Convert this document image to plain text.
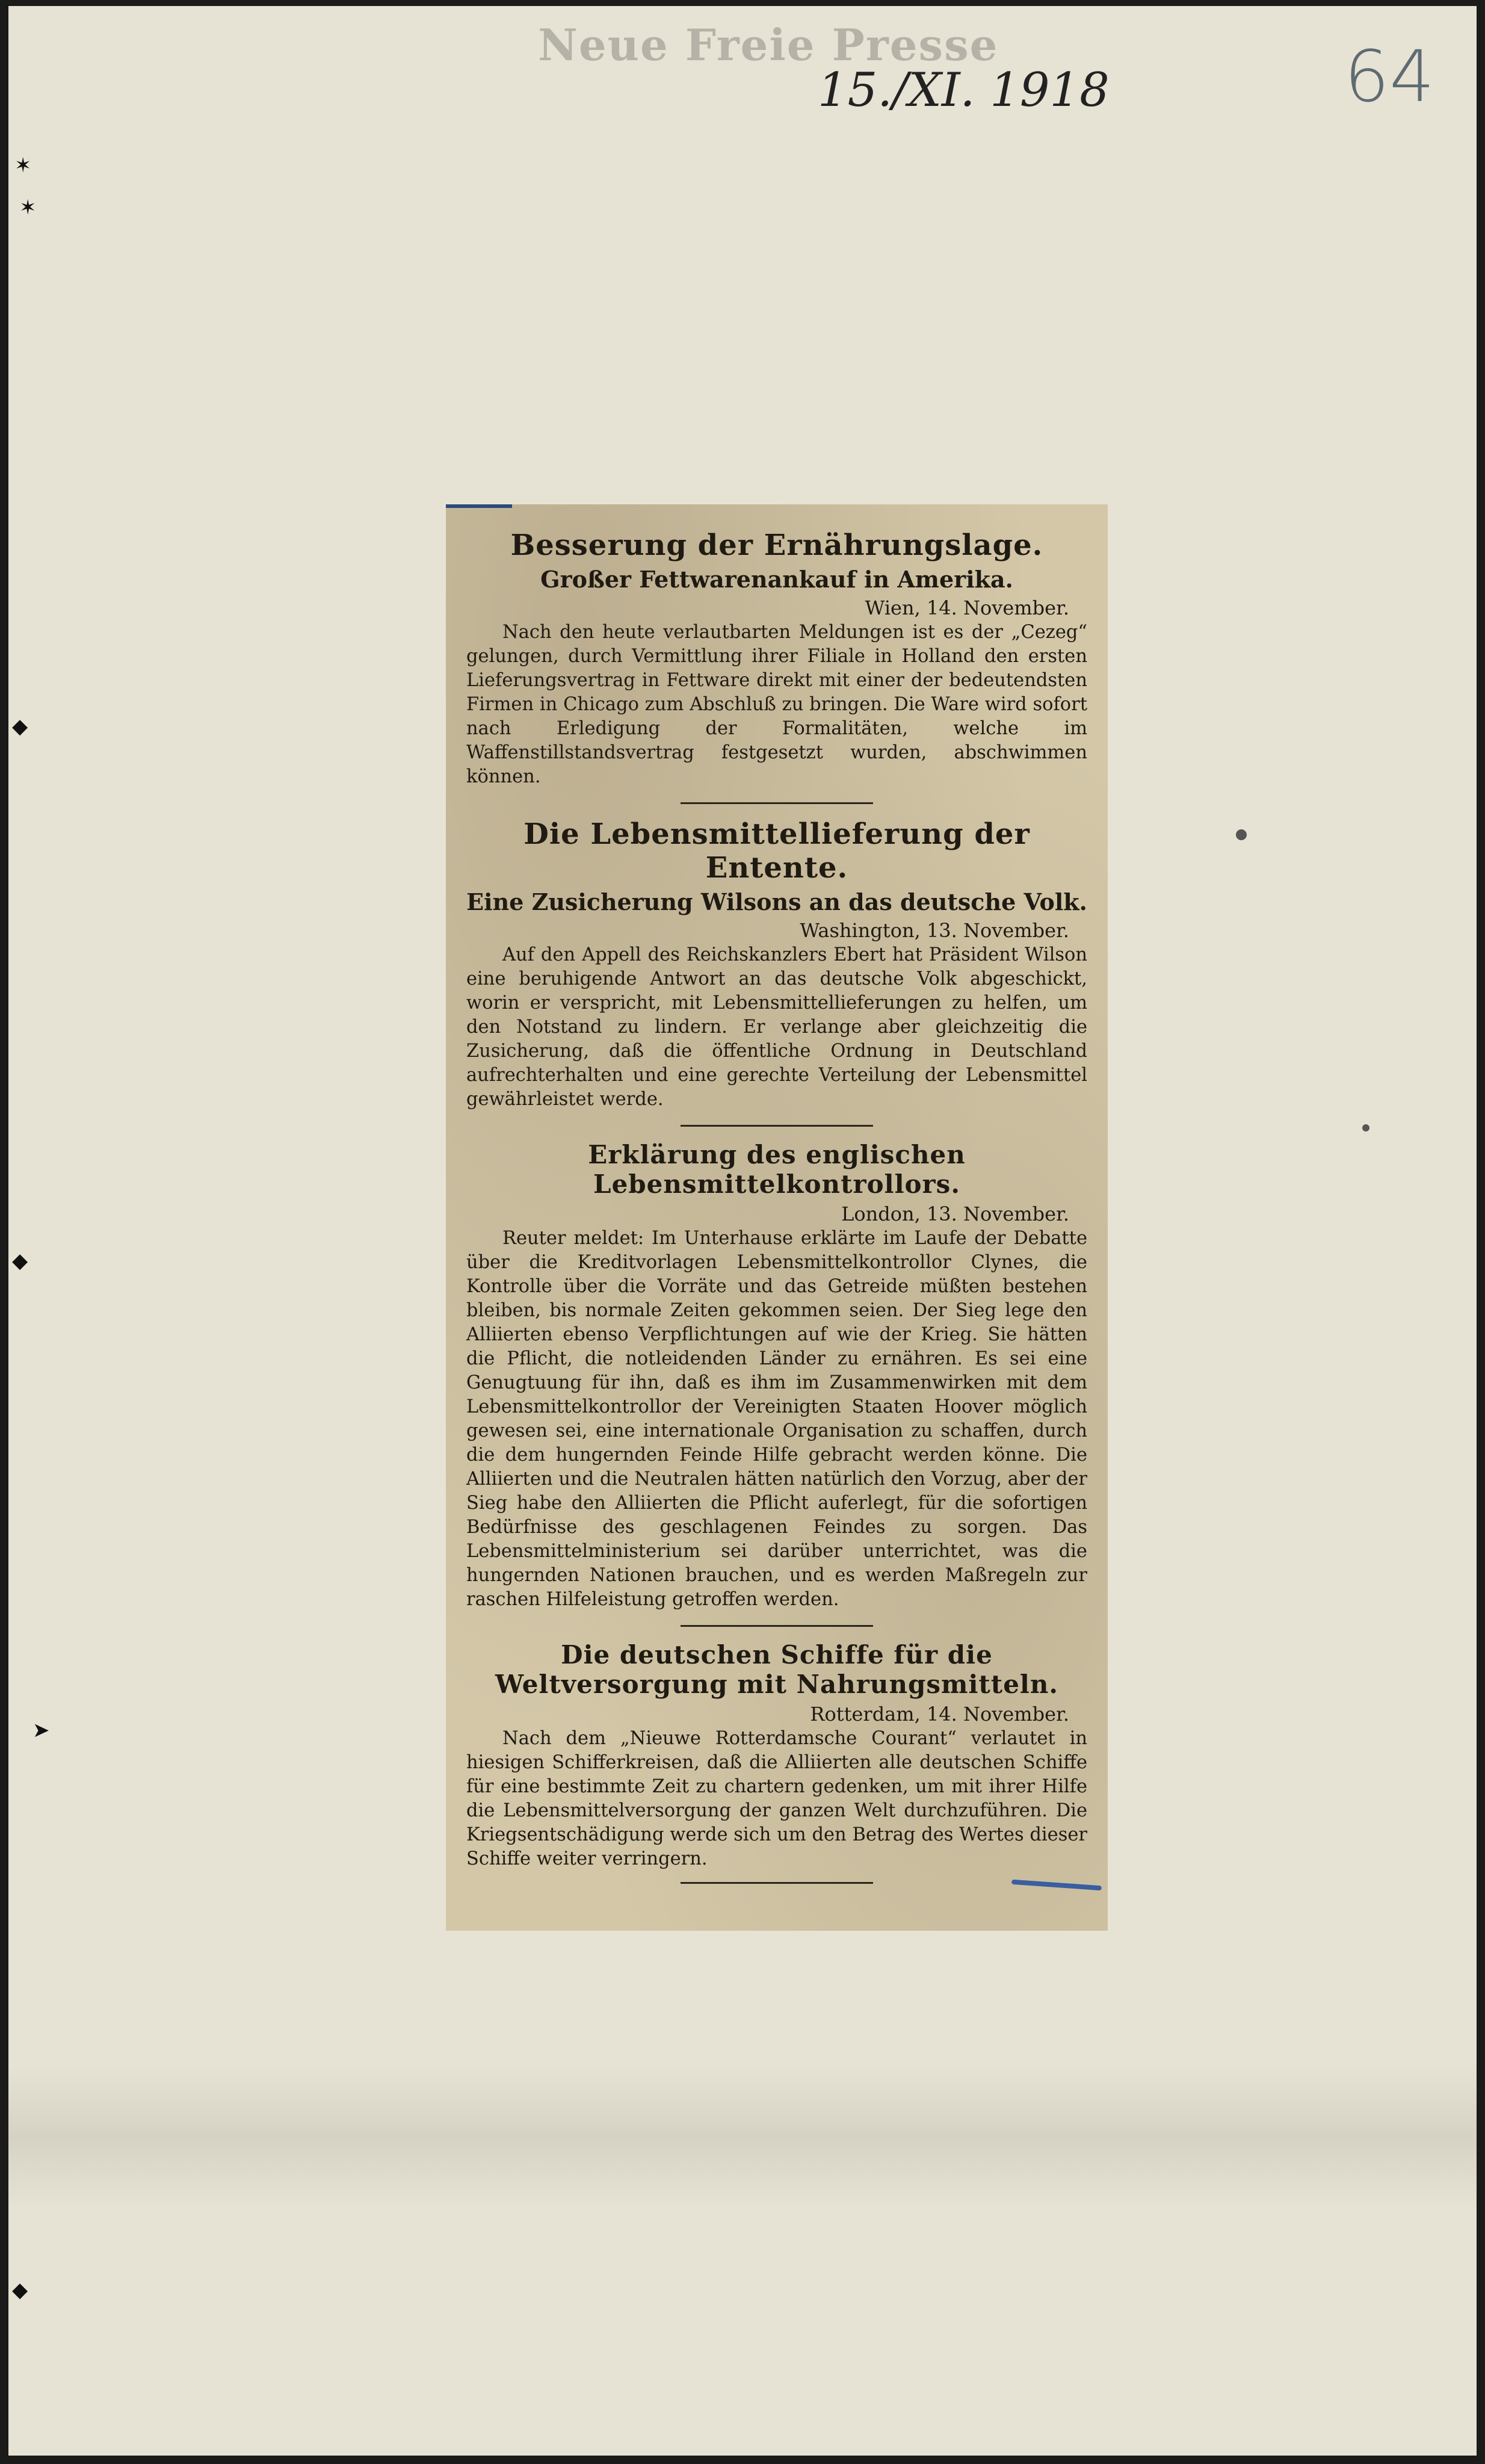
Neue Freie Presse

15./XI. 1918	64

✶
✶
◆
◆
➤
◆
Besserung der Ernährungslage.
Großer Fettwarenankauf in Amerika.
Wien, 14. November.

Nach den heute verlautbarten Meldungen ist es der „Cezeg“ gelungen, durch Vermittlung ihrer Filiale in Holland den ersten Lieferungsvertrag in Fettware direkt mit einer der bedeutendsten Firmen in Chicago zum Abschluß zu bringen. Die Ware wird sofort nach Erledigung der Formalitäten, welche im Waffenstillstandsvertrag festgesetzt wurden, abschwimmen können.

Die Lebensmittellieferung der Entente.
Eine Zusicherung Wilsons an das deutsche Volk.
Washington, 13. November.

Auf den Appell des Reichskanzlers Ebert hat Präsident Wilson eine beruhigende Antwort an das deutsche Volk abgeschickt, worin er verspricht, mit Lebensmittellieferungen zu helfen, um den Notstand zu lindern. Er verlange aber gleichzeitig die Zusicherung, daß die öffentliche Ordnung in Deutschland aufrechterhalten und eine gerechte Verteilung der Lebensmittel gewährleistet werde.

Erklärung des englischen Lebensmittelkontrollors.
London, 13. November.

Reuter meldet: Im Unterhause erklärte im Laufe der Debatte über die Kreditvorlagen Lebensmittelkontrollor Clynes, die Kontrolle über die Vorräte und das Getreide müßten bestehen bleiben, bis normale Zeiten gekommen seien. Der Sieg lege den Alliierten ebenso Verpflichtungen auf wie der Krieg. Sie hätten die Pflicht, die notleidenden Länder zu ernähren. Es sei eine Genugtuung für ihn, daß es ihm im Zusammenwirken mit dem Lebensmittelkontrollor der Vereinigten Staaten Hoover möglich gewesen sei, eine internationale Organisation zu schaffen, durch die dem hungernden Feinde Hilfe gebracht werden könne. Die Alliierten und die Neutralen hätten natürlich den Vorzug, aber der Sieg habe den Alliierten die Pflicht auferlegt, für die sofortigen Bedürfnisse des geschlagenen Feindes zu sorgen. Das Lebensmittelministerium sei darüber unterrichtet, was die hungernden Nationen brauchen, und es werden Maßregeln zur raschen Hilfeleistung getroffen werden.

Die deutschen Schiffe für die Weltversorgung mit Nahrungsmitteln.
Rotterdam, 14. November.

Nach dem „Nieuwe Rotterdamsche Courant“ verlautet in hiesigen Schifferkreisen, daß die Alliierten alle deutschen Schiffe für eine bestimmte Zeit zu chartern gedenken, um mit ihrer Hilfe die Lebensmittelversorgung der ganzen Welt durchzuführen. Die Kriegsentschädigung werde sich um den Betrag des Wertes dieser Schiffe weiter verringern.
